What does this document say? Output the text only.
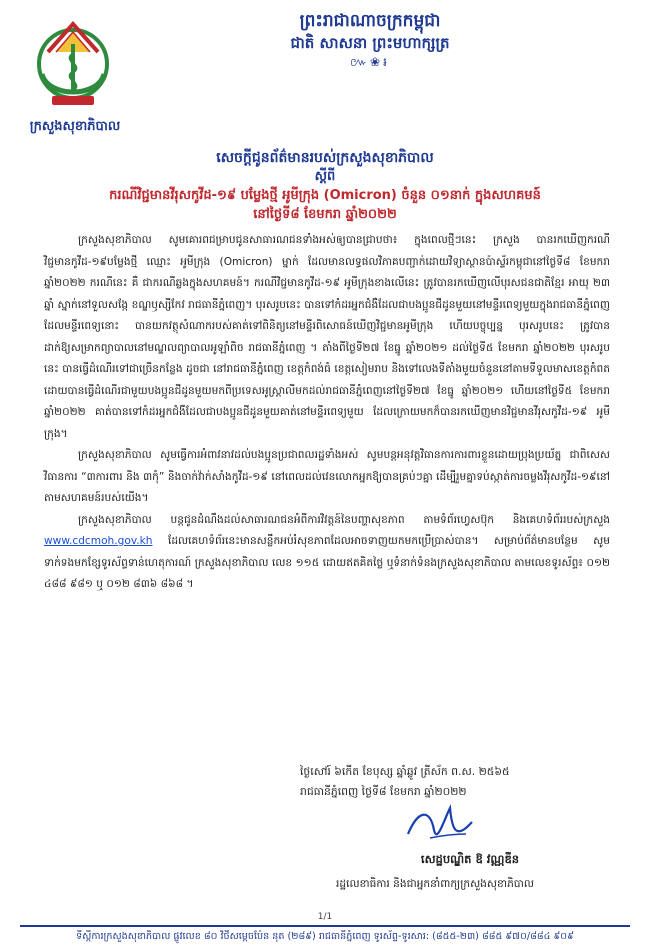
ក្រសួងសុខាភិបាល
ព្រះរាជាណាចក្រកម្ពុជា
ជាតិ សាសនា ព្រះមហាក្សត្រ
៚❀៛
សេចក្តីជូនព័ត៌មានរបស់ក្រសួងសុខាភិបាល
ស្តីពី
ករណីវិជ្ជមានវីរុសកូវីដ-១៩ បម្លែងថ្មី អូមីក្រុង (Omicron) ចំនួន ០១នាក់ ក្នុងសហគមន៍
នៅថ្ងៃទី៨ ខែមករា ឆ្នាំ២០២២

ក្រសួងសុខាភិបាល សូមគោរពជម្រាបជូនសាធារណជនទាំងអស់ឲ្យបានជ្រាបថា៖ ក្នុងពេលថ្មីៗនេះ ក្រសួង បានរកឃើញករណីវិជ្ជមានកូវីដ-១៩បម្លែងថ្មី ឈ្មោះ អូមីក្រុង (Omicron) ម្នាក់ ដែលមានលទ្ធផលវិភាគបញ្ជាក់ដោយវិទ្យាស្ថានប៉ាស្ទ័រកម្ពុជានៅថ្ងៃទី៨ ខែមករា ឆ្នាំ២០២២ ករណីនេះ គឺ ជាករណីឆ្លងក្នុងសហគមន៍។ ករណីវិជ្ជមានកូវីដ-១៩ អូមីក្រុងខាងលើនេះ ត្រូវបានរកឃើញលើបុរសជនជាតិខ្មែរ អាយុ ២៣ ឆ្នាំ ស្នាក់នៅទួលសង្កែ ខណ្ឌឫស្សីកែវ រាជធានីភ្នំពេញ។ បុរសរូបនេះ បានទៅកំដរអ្នកជំងឺដែលជាបងប្អូនជីដូនមួយនៅមន្ទីរពេទ្យមួយក្នុងរាជធានីភ្នំពេញ ដែលមន្ទីរពេទ្យនោះ បានយកវត្ថុសំណាករបស់គាត់ទៅពិនិត្យនៅមន្ទីរពិសោធន៍ឃើញវិជ្ជមានអូមីក្រុង ហើយបច្ចុប្បន្ន បុរសរូបនេះ ត្រូវបានដាក់ឱ្យសម្រាកព្យាបាលនៅមណ្ឌលព្យាបាលអូឡាំពិច រាជធានីភ្នំពេញ ។ តាំងពីថ្ងៃទី២៧ ខែធ្នូ ឆ្នាំ២០២១ ដល់ថ្ងៃទី៥ ខែមករា ឆ្នាំ២០២២ បុរសរូបនេះ បានធ្វើដំណើរទៅជាច្រើនកន្លែង ដូចជា នៅរាជធានីភ្នំពេញ ខេត្តកំពង់ធំ ខេត្តសៀមរាប និងទៅលេងទីតាំងមួយចំនួននៅតាមទីទួលមាសខេត្តកំពតដោយបានធ្វើដំណើរជាមួយបងប្អូនជីដូនមួយមកពីប្រទេសអូស្ត្រាលីមកដល់រាជធានីភ្នំពេញនៅថ្ងៃទី២៧ ខែធ្នូ ឆ្នាំ២០២១ ហើយនៅថ្ងៃទី៥ ខែមករា ឆ្នាំ២០២២ គាត់បានទៅកំដរអ្នកជំងឺដែលជាបងប្អូនជីដូនមួយគាត់នៅមន្ទីរពេទ្យមួយ ដែលក្រោយមកក៏បានរកឃើញមានវិជ្ជមានវីរុសកូវីដ-១៩ អូមីក្រុង។

ក្រសួងសុខាភិបាល សូមធ្វើការអំពាវនាវដល់បងប្អូនប្រជាពលរដ្ឋទាំងអស់ សូមបន្តអនុវត្តវិធានការការពារខ្លួនដោយប្រុងប្រយ័ត្ន ជាពិសេសវិធានការ “៣ការពារ និង ៣កុំ” និងចាក់វ៉ាក់សាំងកូវីដ-១៩ នៅពេលដល់វេនលោកអ្នកឱ្យបានគ្រប់ៗគ្នា ដើម្បីរួមគ្នាទប់ស្កាត់ការចម្លងវីរុសកូវីដ-១៩នៅតាមសហគមន៍របស់យើង។

ក្រសួងសុខាភិបាល បន្តជូនដំណឹងដល់សាធារណជនអំពីការវិវត្តន៍នៃបញ្ហាសុខភាព តាមទំព័រហ្វេសប៊ុក និងគេហទំព័ររបស់ក្រសួង www.cdcmoh.gov.kh ដែលគេហទំព័រនេះមានសន្លឹកអប់រំសុខភាពដែលអាចទាញយកមកប្រើប្រាស់បាន។ សម្រាប់ព័ត៌មានបន្ថែម សូមទាក់ទងមកខ្សែទូរស័ព្ទទាន់ហេតុការណ៍ ក្រសួងសុខាភិបាល លេខ ១១៥ ដោយឥតគិតថ្លៃ ឬទំនាក់ទំនងក្រសួងសុខាភិបាល តាមលេខទូរស័ព្ទ៖ ០១២ ៤៨៨ ៩៨១ ឬ ០១២ ៨៣៦ ៨៦៨ ។

ថ្ងៃសៅរ៍ ៦កើត ខែបុស្ស ឆ្នាំឆ្លូវ ត្រីស័ក ព.ស. ២៥៦៥
រាជធានីភ្នំពេញ ថ្ងៃទី៨ ខែមករា ឆ្នាំ២០២២
សេដ្ឋបណ្ឌិត ឱ វណ្ណឌីន
រដ្ឋលេខាធិការ និងជាអ្នកនាំពាក្យក្រសួងសុខាភិបាល
1/1
ទីស្តីការក្រសួងសុខាភិបាល ផ្លូវលេខ ៨០ វិថីសម្តេចប៉ែន នុត (២៨៩) រាជធានីភ្នំពេញ ទូរស័ព្ទ-ទូរសារ: (៨៥៥-២៣) ៨៨៥ ៩៧០/៨៨៤ ៩០៩
